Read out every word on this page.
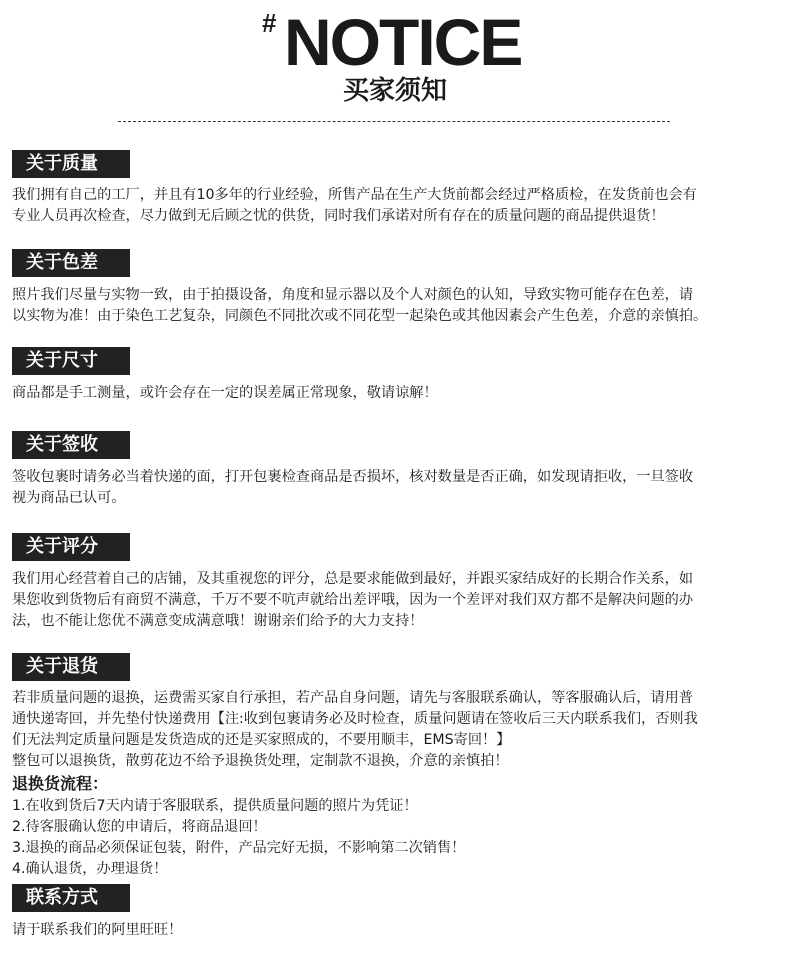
# NOTICE
买家须知
关于质量

我们拥有自己的工厂，并且有10多年的行业经验，所售产品在生产大货前都会经过严格质检，在发货前也会有
专业人员再次检查，尽力做到无后顾之忧的供货，同时我们承诺对所有存在的质量问题的商品提供退货！

关于色差

照片我们尽量与实物一致，由于拍摄设备，角度和显示器以及个人对颜色的认知，导致实物可能存在色差，请
以实物为准！由于染色工艺复杂，同颜色不同批次或不同花型一起染色或其他因素会产生色差，介意的亲慎拍。

关于尺寸

商品都是手工测量，或许会存在一定的误差属正常现象，敬请谅解！

关于签收

签收包裹时请务必当着快递的面，打开包裹检查商品是否损坏，核对数量是否正确，如发现请拒收，一旦签收
视为商品已认可。

关于评分

我们用心经营着自己的店铺，及其重视您的评分，总是要求能做到最好，并跟买家结成好的长期合作关系，如
果您收到货物后有商贸不满意，千万不要不吭声就给出差评哦，因为一个差评对我们双方都不是解决问题的办
法，也不能让您优不满意变成满意哦！谢谢亲们给予的大力支持！

关于退货

若非质量问题的退换，运费需买家自行承担，若产品自身问题，请先与客服联系确认，等客服确认后，请用普
通快递寄回，并先垫付快递费用【注:收到包裹请务必及时检查，质量问题请在签收后三天内联系我们，否则我
们无法判定质量问题是发货造成的还是买家照成的，不要用顺丰，EMS寄回！】
整包可以退换货，散剪花边不给予退换货处理，定制款不退换，介意的亲慎拍！

退换货流程：

1.在收到货后7天内请于客服联系，提供质量问题的照片为凭证！
2.待客服确认您的申请后，将商品退回！
3.退换的商品必须保证包装，附件，产品完好无损，不影响第二次销售！
4.确认退货，办理退货！

联系方式

请于联系我们的阿里旺旺！
